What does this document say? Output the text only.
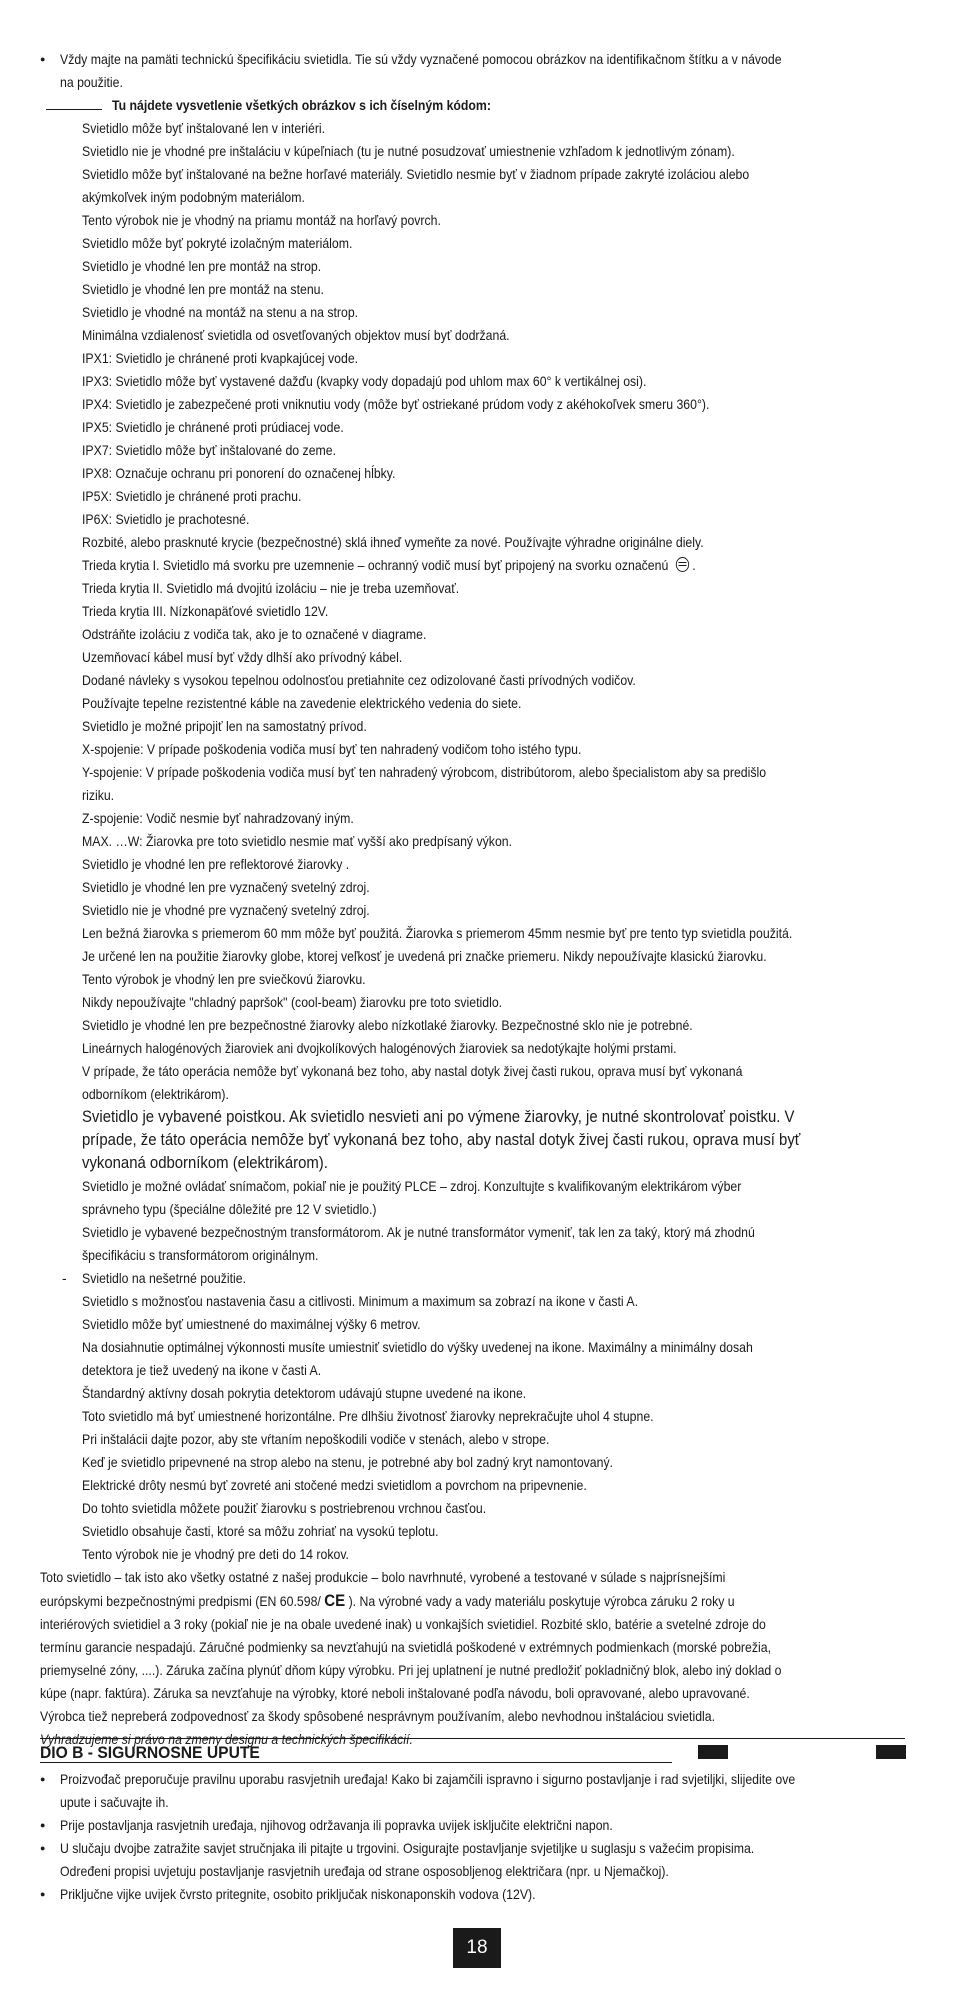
● Vždy majte na pamäti technickú špecifikáciu svietidla. Tie sú vždy vyznačené pomocou obrázkov na identifikačnom štítku a v návode
na použitie.
Tu nájdete vysvetlenie všetkých obrázkov s ich číselným kódom:
Svietidlo môže byť inštalované len v interiéri.
Svietidlo nie je vhodné pre inštaláciu v kúpeľniach (tu je nutné posudzovať umiestnenie vzhľadom k jednotlivým zónam).
Svietidlo môže byť inštalované na bežne horľavé materiály. Svietidlo nesmie byť v žiadnom prípade zakryté izoláciou alebo
akýmkoľvek iným podobným materiálom.
Tento výrobok nie je vhodný na priamu montáž na horľavý povrch.
Svietidlo môže byť pokryté izolačným materiálom.
Svietidlo je vhodné len pre montáž na strop.
Svietidlo je vhodné len pre montáž na stenu.
Svietidlo je vhodné na montáž na stenu a na strop.
Minimálna vzdialenosť svietidla od osvetľovaných objektov musí byť dodržaná.
IPX1: Svietidlo je chránené proti kvapkajúcej vode.
IPX3: Svietidlo môže byť vystavené dažďu (kvapky vody dopadajú pod uhlom max 60° k vertikálnej osi).
IPX4: Svietidlo je zabezpečené proti vniknutiu vody (môže byť ostriekané prúdom vody z akéhokoľvek smeru 360°).
IPX5: Svietidlo je chránené proti prúdiacej vode.
IPX7: Svietidlo môže byť inštalované do zeme.
IPX8: Označuje ochranu pri ponorení do označenej hĺbky.
IP5X: Svietidlo je chránené proti prachu.
IP6X: Svietidlo je prachotesné.
Rozbité, alebo prasknuté krycie (bezpečnostné) sklá ihneď vymeňte za nové. Používajte výhradne originálne diely.
Trieda krytia I. Svietidlo má svorku pre uzemnenie – ochranný vodič musí byť pripojený na svorku označenú .
Trieda krytia II. Svietidlo má dvojitú izoláciu – nie je treba uzemňovať.
Trieda krytia III. Nízkonapäťové svietidlo 12V.
Odstráňte izoláciu z vodiča tak, ako je to označené v diagrame.
Uzemňovací kábel musí byť vždy dlhší ako prívodný kábel.
Dodané návleky s vysokou tepelnou odolnosťou pretiahnite cez odizolované časti prívodných vodičov.
Používajte tepelne rezistentné káble na zavedenie elektrického vedenia do siete.
Svietidlo je možné pripojiť len na samostatný prívod.
X-spojenie: V prípade poškodenia vodiča musí byť ten nahradený vodičom toho istého typu.
Y-spojenie: V prípade poškodenia vodiča musí byť ten nahradený výrobcom, distribútorom, alebo špecialistom aby sa predišlo
riziku.
Z-spojenie: Vodič nesmie byť nahradzovaný iným.
MAX. …W: Žiarovka pre toto svietidlo nesmie mať vyšší ako predpísaný výkon.
Svietidlo je vhodné len pre reflektorové žiarovky .
Svietidlo je vhodné len pre vyznačený svetelný zdroj.
Svietidlo nie je vhodné pre vyznačený svetelný zdroj.
Len bežná žiarovka s priemerom 60 mm môže byť použitá. Žiarovka s priemerom 45mm nesmie byť pre tento typ svietidla použitá.
Je určené len na použitie žiarovky globe, ktorej veľkosť je uvedená pri značke priemeru. Nikdy nepoužívajte klasickú žiarovku.
Tento výrobok je vhodný len pre sviečkovú žiarovku.
Nikdy nepoužívajte "chladný papršok" (cool-beam) žiarovku pre toto svietidlo.
Svietidlo je vhodné len pre bezpečnostné žiarovky alebo nízkotlaké žiarovky. Bezpečnostné sklo nie je potrebné.
Lineárnych halogénových žiaroviek ani dvojkolíkových halogénových žiaroviek sa nedotýkajte holými prstami.
V prípade, že táto operácia nemôže byť vykonaná bez toho, aby nastal dotyk živej časti rukou, oprava musí byť vykonaná
odborníkom (elektrikárom).
Svietidlo je vybavené poistkou. Ak svietidlo nesvieti ani po výmene žiarovky, je nutné skontrolovať poistku. V
prípade, že táto operácia nemôže byť vykonaná bez toho, aby nastal dotyk živej časti rukou, oprava musí byť
vykonaná odborníkom (elektrikárom).
Svietidlo je možné ovládať snímačom, pokiaľ nie je použitý PLCE – zdroj. Konzultujte s kvalifikovaným elektrikárom výber
správneho typu (špeciálne dôležité pre 12 V svietidlo.)
Svietidlo je vybavené bezpečnostným transformátorom. Ak je nutné transformátor vymeniť, tak len za taký, ktorý má zhodnú
špecifikáciu s transformátorom originálnym.
- Svietidlo na nešetrné použitie.
Svietidlo s možnosťou nastavenia času a citlivosti. Minimum a maximum sa zobrazí na ikone v časti A.
Svietidlo môže byť umiestnené do maximálnej výšky 6 metrov.
Na dosiahnutie optimálnej výkonnosti musíte umiestniť svietidlo do výšky uvedenej na ikone. Maximálny a minimálny dosah
detektora je tiež uvedený na ikone v časti A.
Štandardný aktívny dosah pokrytia detektorom udávajú stupne uvedené na ikone.
Toto svietidlo má byť umiestnené horizontálne. Pre dlhšiu životnosť žiarovky neprekračujte uhol 4 stupne.
Pri inštalácii dajte pozor, aby ste vŕtaním nepoškodili vodiče v stenách, alebo v strope.
Keď je svietidlo pripevnené na strop alebo na stenu, je potrebné aby bol zadný kryt namontovaný.
Elektrické drôty nesmú byť zovreté ani stočené medzi svietidlom a povrchom na pripevnenie.
Do tohto svietidla môžete použiť žiarovku s postriebrenou vrchnou časťou.
Svietidlo obsahuje časti, ktoré sa môžu zohriať na vysokú teplotu.
Tento výrobok nie je vhodný pre deti do 14 rokov.
Toto svietidlo – tak isto ako všetky ostatné z našej produkcie – bolo navrhnuté, vyrobené a testované v súlade s najprísnejšími
európskymi bezpečnostnými predpismi (EN 60.598/ CE ). Na výrobné vady a vady materiálu poskytuje výrobca záruku 2 roky u
interiérových svietidiel a 3 roky (pokiaľ nie je na obale uvedené inak) u vonkajších svietidiel. Rozbité sklo, batérie a svetelné zdroje do
termínu garancie nespadajú. Záručné podmienky sa nevzťahujú na svietidlá poškodené v extrémnych podmienkach (morské pobrežia,
priemyselné zóny, ....). Záruka začína plynúť dňom kúpy výrobku. Pri jej uplatnení je nutné predložiť pokladničný blok, alebo iný doklad o
kúpe (napr. faktúra). Záruka sa nevzťahuje na výrobky, ktoré neboli inštalované podľa návodu, boli opravované, alebo upravované.
Výrobca tiež nepreberá zodpovednosť za škody spôsobené nesprávnym používaním, alebo nevhodnou inštaláciou svietidla.
Vyhradzujeme si právo na zmeny designu a technických špecifikácií.
DIO B - SIGURNOSNE UPUTE
● Proizvođač preporučuje pravilnu uporabu rasvjetnih uređaja! Kako bi zajamčili ispravno i sigurno postavljanje i rad svjetiljki, slijedite ove
upute i sačuvajte ih.
● Prije postavljanja rasvjetnih uređaja, njihovog održavanja ili popravka uvijek isključite električni napon.
● U slučaju dvojbe zatražite savjet stručnjaka ili pitajte u trgovini. Osigurajte postavljanje svjetiljke u suglasju s važećim propisima.
Određeni propisi uvjetuju postavljanje rasvjetnih uređaja od strane osposobljenog električara (npr. u Njemačkoj).
● Priključne vijke uvijek čvrsto pritegnite, osobito priključak niskonaponskih vodova (12V).
18
